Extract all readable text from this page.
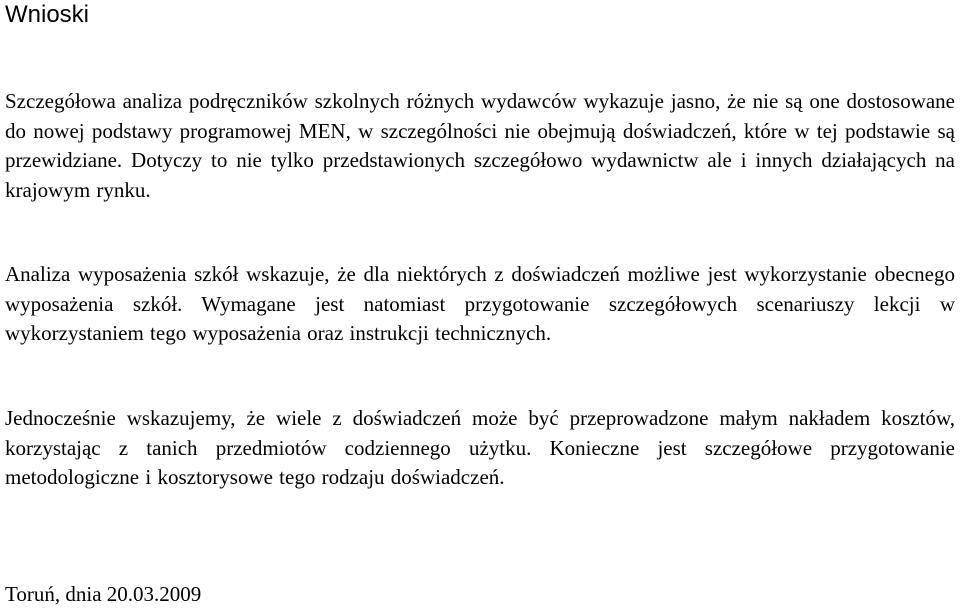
Wnioski

Szczegółowa analiza podręczników szkolnych różnych wydawców wykazuje jasno, że nie są one dostosowane do nowej podstawy programowej MEN, w szczególności nie obejmują doświadczeń, które w tej podstawie są przewidziane. Dotyczy to nie tylko przedstawionych szczegółowo wydawnictw ale i innych działających na krajowym rynku.

Analiza wyposażenia szkół wskazuje, że dla niektórych z doświadczeń możliwe jest wykorzystanie obecnego wyposażenia szkół. Wymagane jest natomiast przygotowanie szczegółowych scenariuszy lekcji w wykorzystaniem tego wyposażenia oraz instrukcji technicznych.

Jednocześnie wskazujemy, że wiele z doświadczeń może być przeprowadzone małym nakładem kosztów, korzystając z tanich przedmiotów codziennego użytku. Konieczne jest szczegółowe przygotowanie metodologiczne i kosztorysowe tego rodzaju doświadczeń.

Toruń, dnia 20.03.2009
